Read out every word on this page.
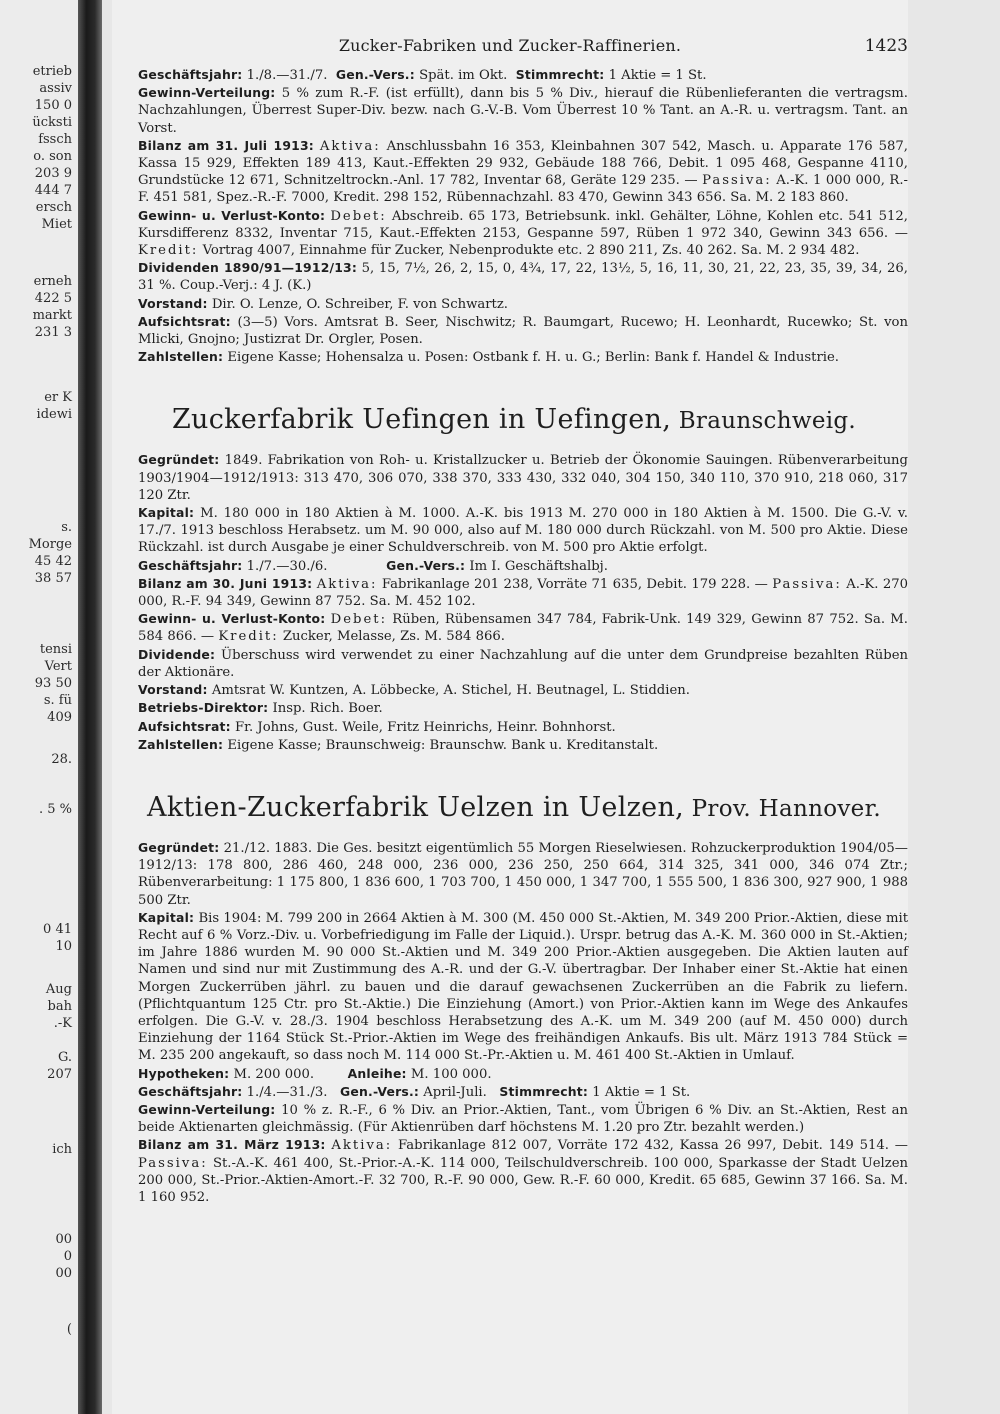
etrieb
assiv
150 0
ücksti
fssch
o. son
203 9
444 7
ersch
Miet
erneh
422 5
markt
231 3
er K
idewi
s.
Morge
45 42
38 57
tensi
Vert
93 50
s. fü
409
28.
. 5 %
0 41
10
Aug
bah
.-K
G.
207
ich
00
0
00
(
Zucker-Fabriken und Zucker-Raffinerien.	1423

Geschäftsjahr: 1./8.—31./7. Gen.-Vers.: Spät. im Okt. Stimmrecht: 1 Aktie = 1 St.

Gewinn-Verteilung: 5 % zum R.-F. (ist erfüllt), dann bis 5 % Div., hierauf die Rübenlieferanten die vertragsm. Nachzahlungen, Überrest Super-Div. bezw. nach G.-V.-B. Vom Überrest 10 % Tant. an A.-R. u. vertragsm. Tant. an Vorst.

Bilanz am 31. Juli 1913: Aktiva: Anschlussbahn 16 353, Kleinbahnen 307 542, Masch. u. Apparate 176 587, Kassa 15 929, Effekten 189 413, Kaut.-Effekten 29 932, Gebäude 188 766, Debit. 1 095 468, Gespanne 4110, Grundstücke 12 671, Schnitzeltrockn.-Anl. 17 782, Inventar 68, Geräte 129 235. — Passiva: A.-K. 1 000 000, R.-F. 451 581, Spez.-R.-F. 7000, Kredit. 298 152, Rübennachzahl. 83 470, Gewinn 343 656. Sa. M. 2 183 860.

Gewinn- u. Verlust-Konto: Debet: Abschreib. 65 173, Betriebsunk. inkl. Gehälter, Löhne, Kohlen etc. 541 512, Kursdifferenz 8332, Inventar 715, Kaut.-Effekten 2153, Gespanne 597, Rüben 1 972 340, Gewinn 343 656. — Kredit: Vortrag 4007, Einnahme für Zucker, Nebenprodukte etc. 2 890 211, Zs. 40 262. Sa. M. 2 934 482.

Dividenden 1890/91—1912/13: 5, 15, 7½, 26, 2, 15, 0, 4¾, 17, 22, 13½, 5, 16, 11, 30, 21, 22, 23, 35, 39, 34, 26, 31 %. Coup.-Verj.: 4 J. (K.)

Vorstand: Dir. O. Lenze, O. Schreiber, F. von Schwartz.

Aufsichtsrat: (3—5) Vors. Amtsrat B. Seer, Nischwitz; R. Baumgart, Rucewo; H. Leonhardt, Rucewko; St. von Mlicki, Gnojno; Justizrat Dr. Orgler, Posen.

Zahlstellen: Eigene Kasse; Hohensalza u. Posen: Ostbank f. H. u. G.; Berlin: Bank f. Handel & Industrie.

Zuckerfabrik Uefingen in Uefingen, Braunschweig.

Gegründet: 1849. Fabrikation von Roh- u. Kristallzucker u. Betrieb der Ökonomie Sauingen. Rübenverarbeitung 1903/1904—1912/1913: 313 470, 306 070, 338 370, 333 430, 332 040, 304 150, 340 110, 370 910, 218 060, 317 120 Ztr.

Kapital: M. 180 000 in 180 Aktien à M. 1000. A.-K. bis 1913 M. 270 000 in 180 Aktien à M. 1500. Die G.-V. v. 17./7. 1913 beschloss Herabsetz. um M. 90 000, also auf M. 180 000 durch Rückzahl. von M. 500 pro Aktie. Diese Rückzahl. ist durch Ausgabe je einer Schuldverschreib. von M. 500 pro Aktie erfolgt.

Geschäftsjahr: 1./7.—30./6.	Gen.-Vers.: Im I. Geschäftshalbj.

Bilanz am 30. Juni 1913: Aktiva: Fabrikanlage 201 238, Vorräte 71 635, Debit. 179 228. — Passiva: A.-K. 270 000, R.-F. 94 349, Gewinn 87 752. Sa. M. 452 102.

Gewinn- u. Verlust-Konto: Debet: Rüben, Rübensamen 347 784, Fabrik-Unk. 149 329, Gewinn 87 752. Sa. M. 584 866. — Kredit: Zucker, Melasse, Zs. M. 584 866.

Dividende: Überschuss wird verwendet zu einer Nachzahlung auf die unter dem Grundpreise bezahlten Rüben der Aktionäre.

Vorstand: Amtsrat W. Kuntzen, A. Löbbecke, A. Stichel, H. Beutnagel, L. Stiddien.

Betriebs-Direktor: Insp. Rich. Boer.

Aufsichtsrat: Fr. Johns, Gust. Weile, Fritz Heinrichs, Heinr. Bohnhorst.

Zahlstellen: Eigene Kasse; Braunschweig: Braunschw. Bank u. Kreditanstalt.

Aktien-Zuckerfabrik Uelzen in Uelzen, Prov. Hannover.

Gegründet: 21./12. 1883. Die Ges. besitzt eigentümlich 55 Morgen Rieselwiesen. Rohzuckerproduktion 1904/05—1912/13: 178 800, 286 460, 248 000, 236 000, 236 250, 250 664, 314 325, 341 000, 346 074 Ztr.; Rübenverarbeitung: 1 175 800, 1 836 600, 1 703 700, 1 450 000, 1 347 700, 1 555 500, 1 836 300, 927 900, 1 988 500 Ztr.

Kapital: Bis 1904: M. 799 200 in 2664 Aktien à M. 300 (M. 450 000 St.-Aktien, M. 349 200 Prior.-Aktien, diese mit Recht auf 6 % Vorz.-Div. u. Vorbefriedigung im Falle der Liquid.). Urspr. betrug das A.-K. M. 360 000 in St.-Aktien; im Jahre 1886 wurden M. 90 000 St.-Aktien und M. 349 200 Prior.-Aktien ausgegeben. Die Aktien lauten auf Namen und sind nur mit Zustimmung des A.-R. und der G.-V. übertragbar. Der Inhaber einer St.-Aktie hat einen Morgen Zuckerrüben jährl. zu bauen und die darauf gewachsenen Zuckerrüben an die Fabrik zu liefern. (Pflichtquantum 125 Ctr. pro St.-Aktie.) Die Einziehung (Amort.) von Prior.-Aktien kann im Wege des Ankaufes erfolgen. Die G.-V. v. 28./3. 1904 beschloss Herabsetzung des A.-K. um M. 349 200 (auf M. 450 000) durch Einziehung der 1164 Stück St.-Prior.-Aktien im Wege des freihändigen Ankaufs. Bis ult. März 1913 784 Stück = M. 235 200 angekauft, so dass noch M. 114 000 St.-Pr.-Aktien u. M. 461 400 St.-Aktien in Umlauf.

Hypotheken: M. 200 000.	Anleihe: M. 100 000.

Geschäftsjahr: 1./4.—31./3. Gen.-Vers.: April-Juli. Stimmrecht: 1 Aktie = 1 St.

Gewinn-Verteilung: 10 % z. R.-F., 6 % Div. an Prior.-Aktien, Tant., vom Übrigen 6 % Div. an St.-Aktien, Rest an beide Aktienarten gleichmässig. (Für Aktienrüben darf höchstens M. 1.20 pro Ztr. bezahlt werden.)

Bilanz am 31. März 1913: Aktiva: Fabrikanlage 812 007, Vorräte 172 432, Kassa 26 997, Debit. 149 514. — Passiva: St.-A.-K. 461 400, St.-Prior.-A.-K. 114 000, Teilschuldverschreib. 100 000, Sparkasse der Stadt Uelzen 200 000, St.-Prior.-Aktien-Amort.-F. 32 700, R.-F. 90 000, Gew. R.-F. 60 000, Kredit. 65 685, Gewinn 37 166. Sa. M. 1 160 952.
